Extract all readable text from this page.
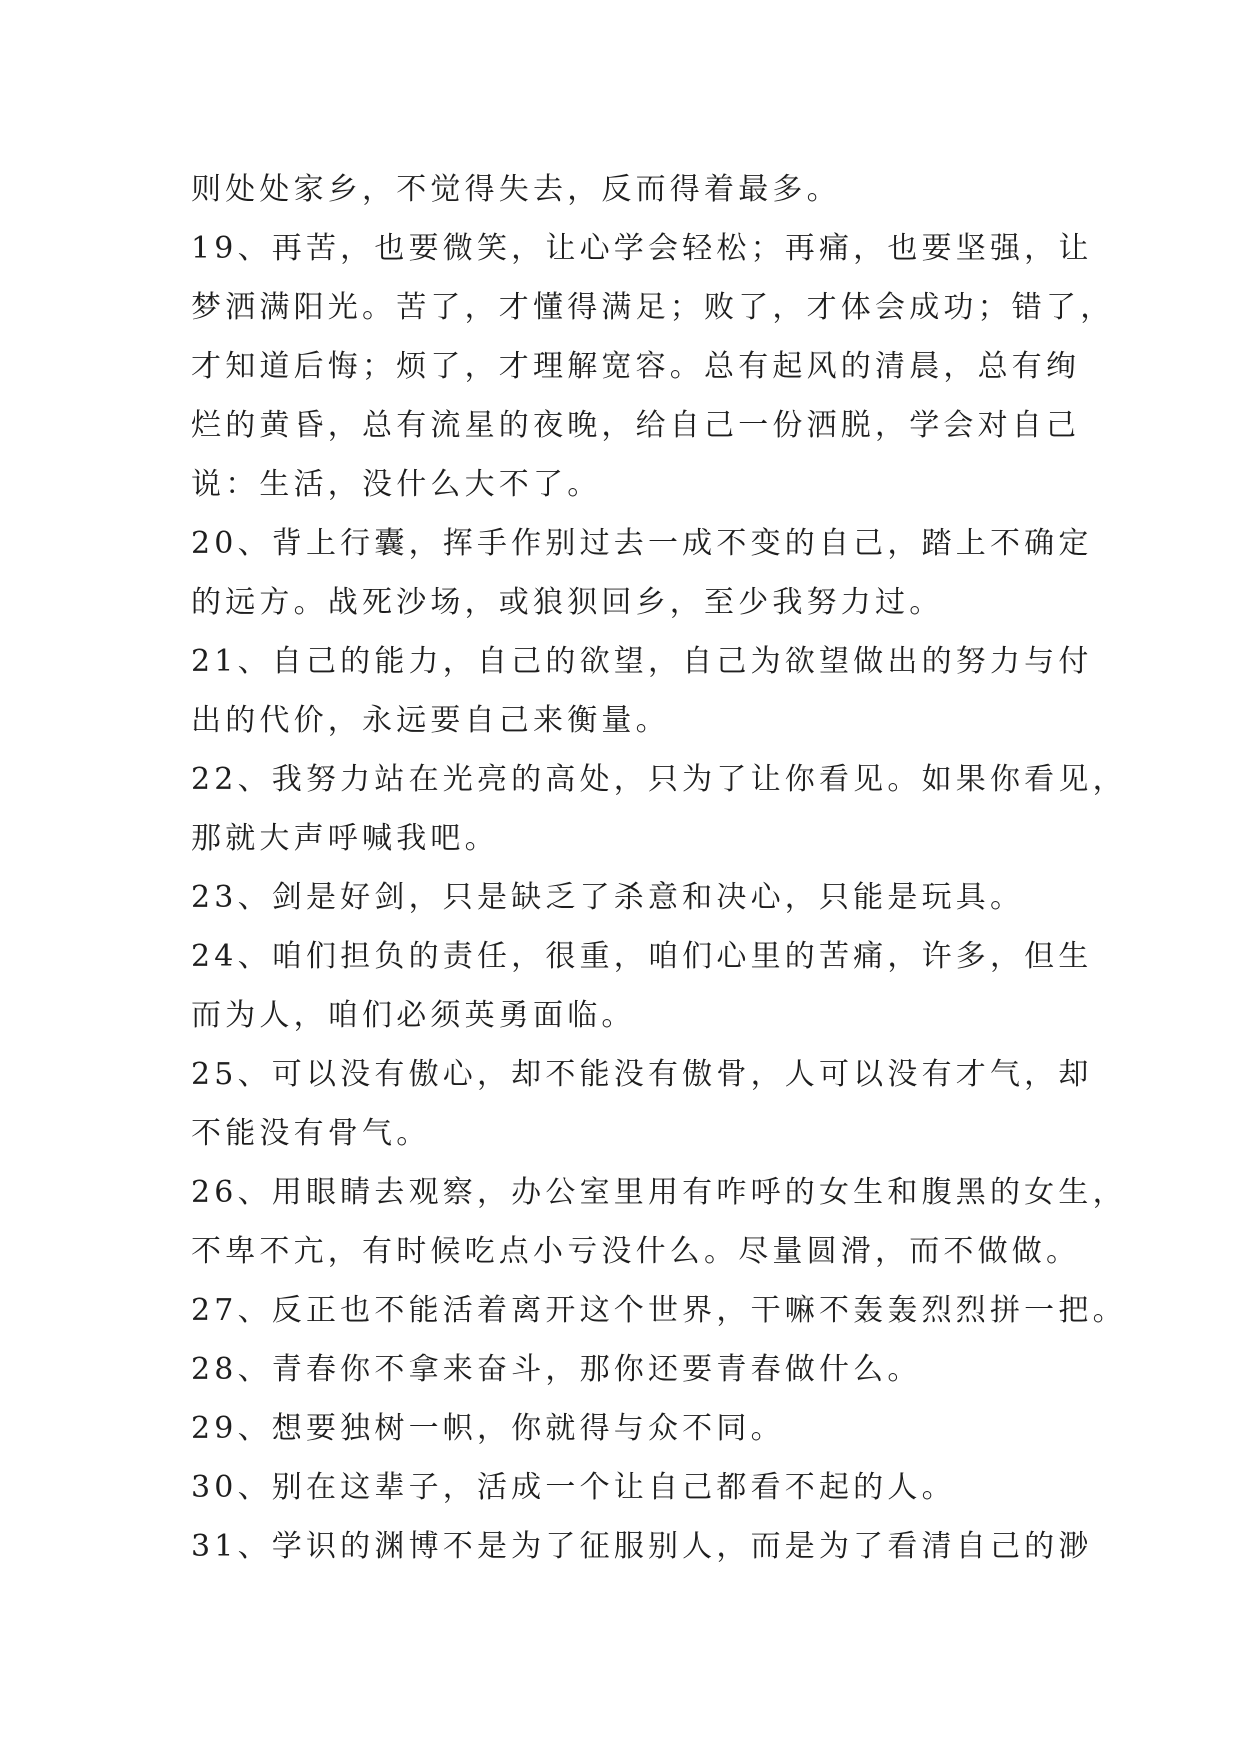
则处处家乡，不觉得失去，反而得着最多。
19、再苦，也要微笑，让心学会轻松；再痛，也要坚强，让
梦洒满阳光。苦了，才懂得满足；败了，才体会成功；错了，
才知道后悔；烦了，才理解宽容。总有起风的清晨，总有绚
烂的黄昏，总有流星的夜晚，给自己一份洒脱，学会对自己
说：生活，没什么大不了。
20、背上行囊，挥手作别过去一成不变的自己，踏上不确定
的远方。战死沙场，或狼狈回乡，至少我努力过。
21、自己的能力，自己的欲望，自己为欲望做出的努力与付
出的代价，永远要自己来衡量。
22、我努力站在光亮的高处，只为了让你看见。如果你看见，
那就大声呼喊我吧。
23、剑是好剑，只是缺乏了杀意和决心，只能是玩具。
24、咱们担负的责任，很重，咱们心里的苦痛，许多，但生
而为人，咱们必须英勇面临。
25、可以没有傲心，却不能没有傲骨，人可以没有才气，却
不能没有骨气。
26、用眼睛去观察，办公室里用有咋呼的女生和腹黑的女生，
不卑不亢，有时候吃点小亏没什么。尽量圆滑，而不做做。
27、反正也不能活着离开这个世界，干嘛不轰轰烈烈拼一把。
28、青春你不拿来奋斗，那你还要青春做什么。
29、想要独树一帜，你就得与众不同。
30、别在这辈子，活成一个让自己都看不起的人。
31、学识的渊博不是为了征服别人，而是为了看清自己的渺
